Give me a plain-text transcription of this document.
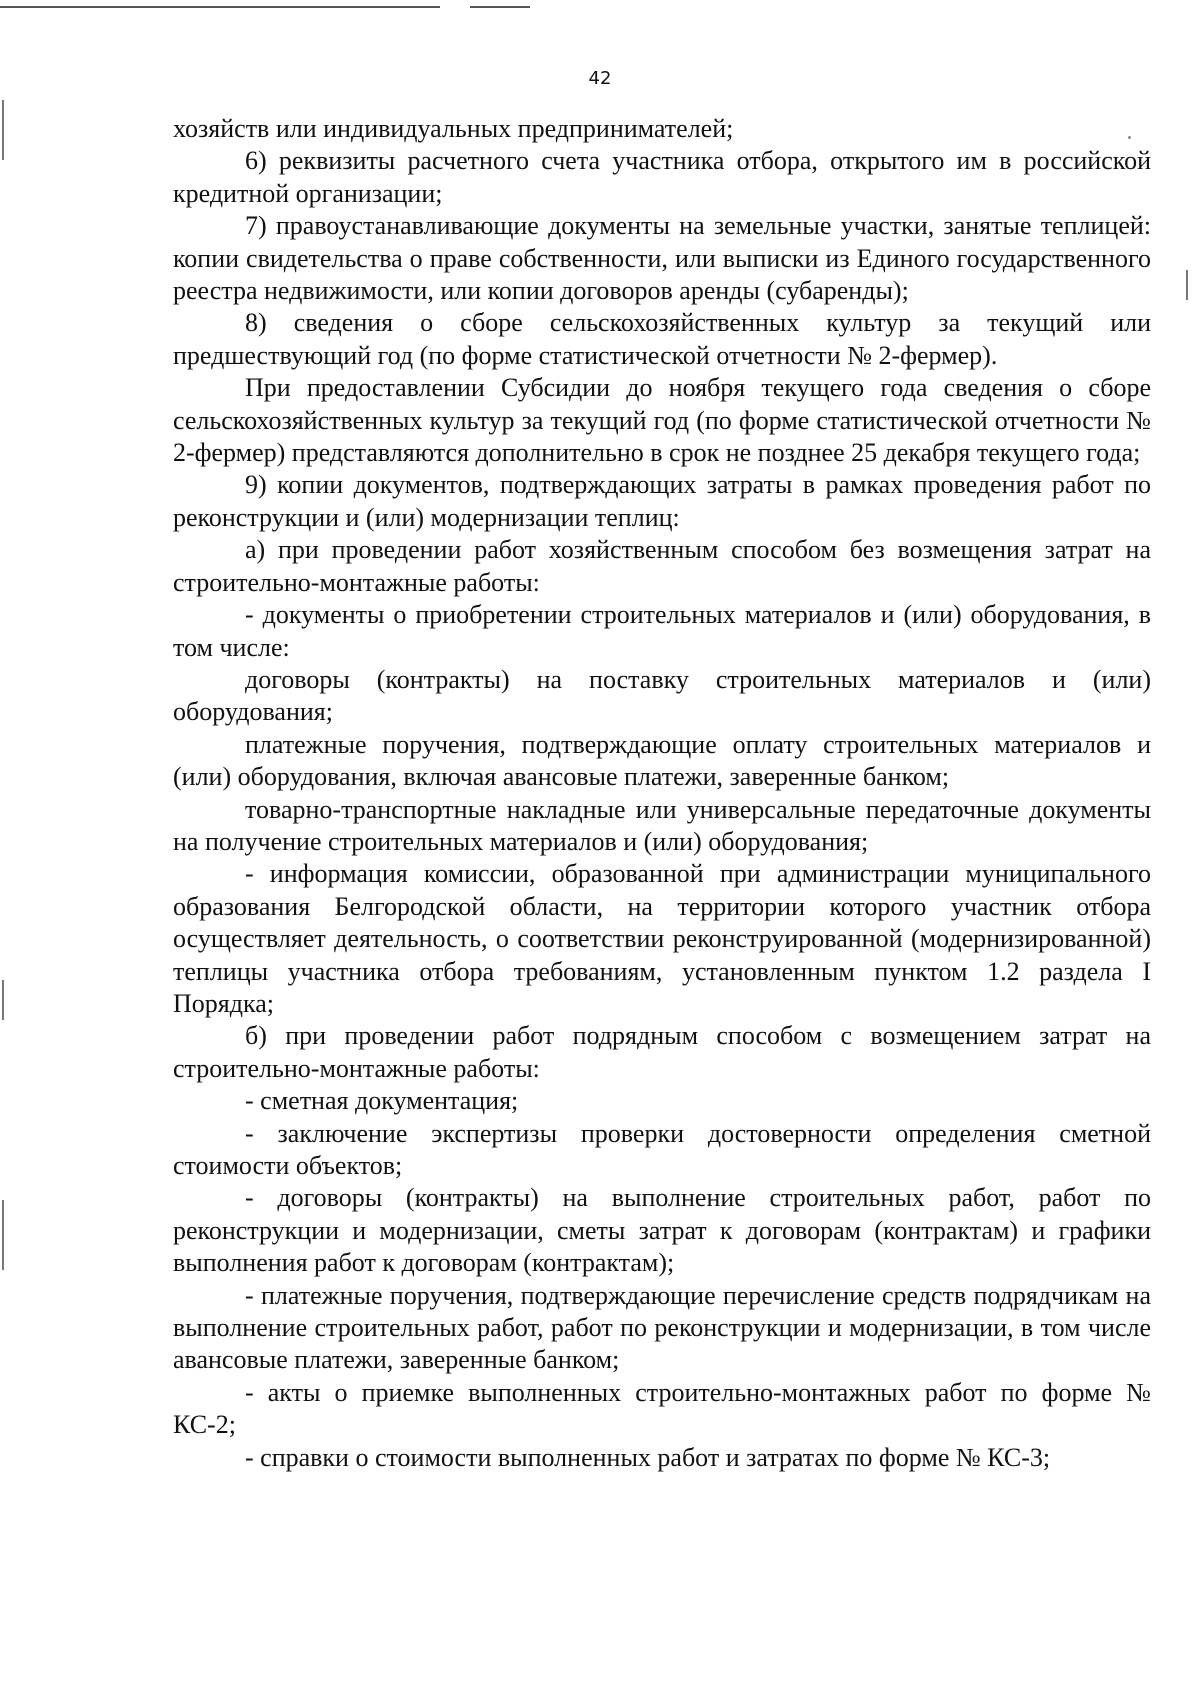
42

хозяйств или индивидуальных предпринимателей;

6) реквизиты расчетного счета участника отбора, открытого им в российской кредитной организации;

7) правоустанавливающие документы на земельные участки, занятые теплицей: копии свидетельства о праве собственности, или выписки из Единого государственного реестра недвижимости, или копии договоров аренды (субаренды);

8) сведения о сборе сельскохозяйственных культур за текущий или предшествующий год (по форме статистической отчетности № 2-фермер).

При предоставлении Субсидии до ноября текущего года сведения о сборе сельскохозяйственных культур за текущий год (по форме статистической отчетности № 2-фермер) представляются дополнительно в срок не позднее 25 декабря текущего года;

9) копии документов, подтверждающих затраты в рамках проведения работ по реконструкции и (или) модернизации теплиц:

а) при проведении работ хозяйственным способом без возмещения затрат на строительно-монтажные работы:

- документы о приобретении строительных материалов и (или) оборудования, в том числе:

договоры (контракты) на поставку строительных материалов и (или) оборудования;

платежные поручения, подтверждающие оплату строительных материалов и (или) оборудования, включая авансовые платежи, заверенные банком;

товарно-транспортные накладные или универсальные передаточные документы на получение строительных материалов и (или) оборудования;

- информация комиссии, образованной при администрации муниципального образования Белгородской области, на территории которого участник отбора осуществляет деятельность, о соответствии реконструированной (модернизированной) теплицы участника отбора требованиям, установленным пунктом 1.2 раздела I Порядка;

б) при проведении работ подрядным способом с возмещением затрат на строительно-монтажные работы:

- сметная документация;

- заключение экспертизы проверки достоверности определения сметной стоимости объектов;

- договоры (контракты) на выполнение строительных работ, работ по реконструкции и модернизации, сметы затрат к договорам (контрактам) и графики выполнения работ к договорам (контрактам);

- платежные поручения, подтверждающие перечисление средств подрядчикам на выполнение строительных работ, работ по реконструкции и модернизации, в том числе авансовые платежи, заверенные банком;

- акты о приемке выполненных строительно-монтажных работ по форме № КС-2;

- справки о стоимости выполненных работ и затратах по форме № КС-3;
